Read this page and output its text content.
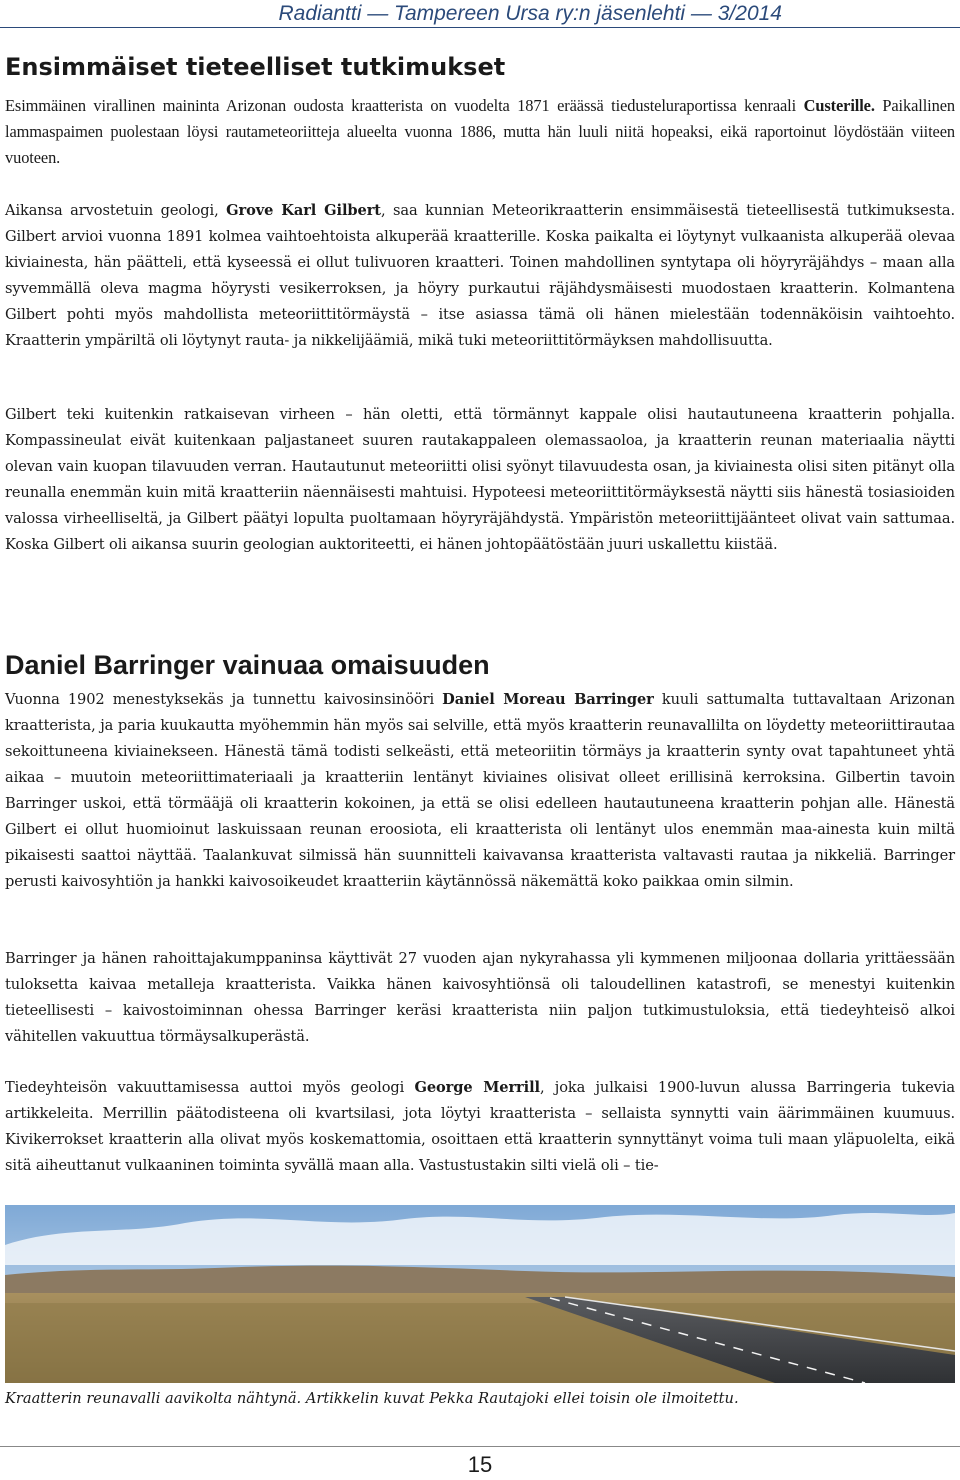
Radiantti — Tampereen Ursa ry:n jäsenlehti — 3/2014
Ensimmäiset tieteelliset tutkimukset

Esimmäinen virallinen maininta Arizonan oudosta kraatterista on vuodelta 1871 eräässä tiedusteluraportissa kenraali Custerille. Paikallinen lammaspaimen puolestaan löysi rautameteoriitteja alueelta vuonna 1886, mutta hän luuli niitä hopeaksi, eikä raportoinut löydöstään viiteen vuoteen.

Aikansa arvostetuin geologi, Grove Karl Gilbert, saa kunnian Meteorikraatterin ensimmäisestä tieteellisestä tutkimuksesta. Gilbert arvioi vuonna 1891 kolmea vaihtoehtoista alkuperää kraatterille. Koska paikalta ei löytynyt vulkaanista alkuperää olevaa kiviainesta, hän päätteli, että kyseessä ei ollut tulivuoren kraatteri. Toinen mahdollinen syntytapa oli höyryräjähdys – maan alla syvemmällä oleva magma höyrysti vesikerroksen, ja höyry purkautui räjähdysmäisesti muodostaen kraatterin. Kolmantena Gilbert pohti myös mahdollista meteoriittitörmäystä – itse asiassa tämä oli hänen mielestään todennäköisin vaihtoehto. Kraatterin ympäriltä oli löytynyt rauta- ja nikkelijäämiä, mikä tuki meteoriittitörmäyksen mahdollisuutta.

Gilbert teki kuitenkin ratkaisevan virheen – hän oletti, että törmännyt kappale olisi hautautuneena kraatterin pohjalla. Kompassineulat eivät kuitenkaan paljastaneet suuren rautakappaleen olemassaoloa, ja kraatterin reunan materiaalia näytti olevan vain kuopan tilavuuden verran. Hautautunut meteoriitti olisi syönyt tilavuudesta osan, ja kiviainesta olisi siten pitänyt olla reunalla enemmän kuin mitä kraatteriin näennäisesti mahtuisi. Hypoteesi meteoriittitörmäyksestä näytti siis hänestä tosiasioiden valossa virheelliseltä, ja Gilbert päätyi lopulta puoltamaan höyryräjähdystä. Ympäristön meteoriittijäänteet olivat vain sattumaa. Koska Gilbert oli aikansa suurin geologian auktoriteetti, ei hänen johtopäätöstään juuri uskallettu kiistää.

Daniel Barringer vainuaa omaisuuden

Vuonna 1902 menestyksekäs ja tunnettu kaivosinsinööri Daniel Moreau Barringer kuuli sattumalta tuttavaltaan Arizonan kraatterista, ja paria kuukautta myöhemmin hän myös sai selville, että myös kraatterin reunavallilta on löydetty meteoriittirautaa sekoittuneena kiviainekseen. Hänestä tämä todisti selkeästi, että meteoriitin törmäys ja kraatterin synty ovat tapahtuneet yhtä aikaa – muutoin meteoriittimateriaali ja kraatteriin lentänyt kiviaines olisivat olleet erillisinä kerroksina. Gilbertin tavoin Barringer uskoi, että törmääjä oli kraatterin kokoinen, ja että se olisi edelleen hautautuneena kraatterin pohjan alle. Hänestä Gilbert ei ollut huomioinut laskuissaan reunan eroosiota, eli kraatterista oli lentänyt ulos enemmän maa-ainesta kuin miltä pikaisesti saattoi näyttää. Taalankuvat silmissä hän suunnitteli kaivavansa kraatterista valtavasti rautaa ja nikkeliä. Barringer perusti kaivosyhtiön ja hankki kaivosoikeudet kraatteriin käytännössä näkemättä koko paikkaa omin silmin.

Barringer ja hänen rahoittajakumppaninsa käyttivät 27 vuoden ajan nykyrahassa yli kymmenen miljoonaa dollaria yrittäessään tuloksetta kaivaa metalleja kraatterista. Vaikka hänen kaivosyhtiönsä oli taloudellinen katastrofi, se menestyi kuitenkin tieteellisesti – kaivostoiminnan ohessa Barringer keräsi kraatterista niin paljon tutkimustuloksia, että tiedeyhteisö alkoi vähitellen vakuuttua törmäysalkuperästä.

Tiedeyhteisön vakuuttamisessa auttoi myös geologi George Merrill, joka julkaisi 1900-luvun alussa Barringeria tukevia artikkeleita. Merrillin päätodisteena oli kvartsilasi, jota löytyi kraatterista – sellaista synnytti vain äärimmäinen kuumuus. Kivikerrokset kraatterin alla olivat myös koskemattomia, osoittaen että kraatterin synnyttänyt voima tuli maan yläpuolelta, eikä sitä aiheuttanut vulkaaninen toiminta syvällä maan alla. Vastustustakin silti vielä oli – tie-

Kraatterin reunavalli aavikolta nähtynä. Artikkelin kuvat Pekka Rautajoki ellei toisin ole ilmoitettu.

15
